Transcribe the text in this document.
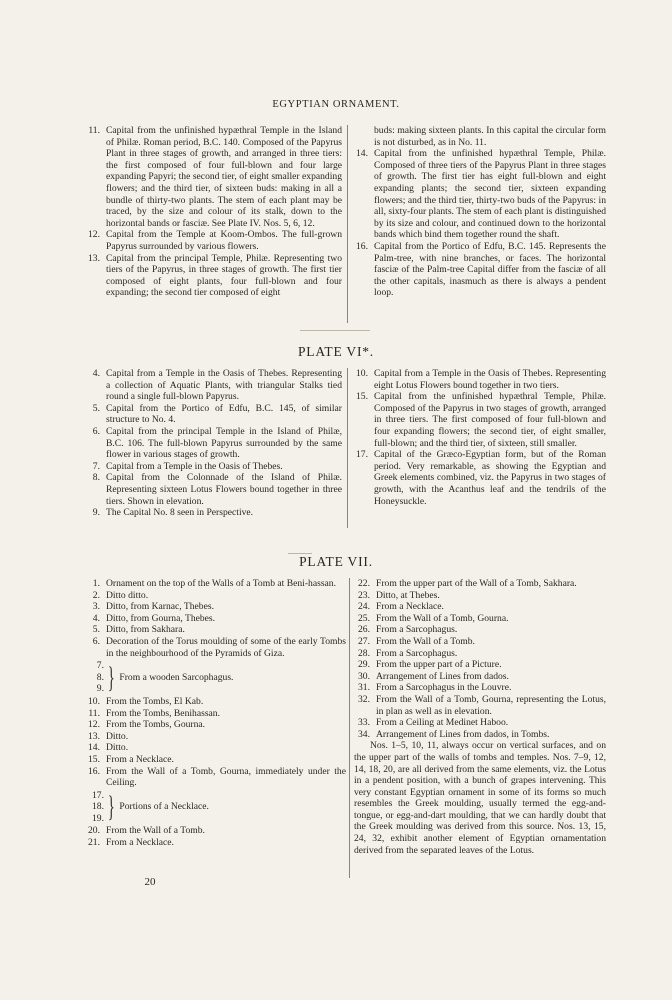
EGYPTIAN ORNAMENT.
11. Capital from the unfinished hypæthral Temple in the Island of Philæ. Roman period, B.C. 140. Composed of the Papyrus Plant in three stages of growth, and arranged in three tiers: the first composed of four full-blown and four large expanding Papyri; the second tier, of eight smaller expanding flowers; and the third tier, of sixteen buds: making in all a bundle of thirty-two plants. The stem of each plant may be traced, by the size and colour of its stalk, down to the horizontal bands or fasciæ. See Plate IV. Nos. 5, 6, 12.
12. Capital from the Temple at Koom-Ombos. The full-grown Papyrus surrounded by various flowers.
13. Capital from the principal Temple, Philæ. Representing two tiers of the Papyrus, in three stages of growth. The first tier composed of eight plants, four full-blown and four expanding; the second tier composed of eight
buds: making sixteen plants. In this capital the circular form is not disturbed, as in No. 11.
14. Capital from the unfinished hypæthral Temple, Philæ. Composed of three tiers of the Papyrus Plant in three stages of growth. The first tier has eight full-blown and eight expanding plants; the second tier, sixteen expanding flowers; and the third tier, thirty-two buds of the Papyrus: in all, sixty-four plants. The stem of each plant is distinguished by its size and colour, and continued down to the horizontal bands which bind them together round the shaft.
16. Capital from the Portico of Edfu, B.C. 145. Represents the Palm-tree, with nine branches, or faces. The horizontal fasciæ of the Palm-tree Capital differ from the fasciæ of all the other capitals, inasmuch as there is always a pendent loop.
PLATE VI*.
4. Capital from a Temple in the Oasis of Thebes. Representing a collection of Aquatic Plants, with triangular Stalks tied round a single full-blown Papyrus.
5. Capital from the Portico of Edfu, B.C. 145, of similar structure to No. 4.
6. Capital from the principal Temple in the Island of Philæ, B.C. 106. The full-blown Papyrus surrounded by the same flower in various stages of growth.
7. Capital from a Temple in the Oasis of Thebes.
8. Capital from the Colonnade of the Island of Philæ. Representing sixteen Lotus Flowers bound together in three tiers. Shown in elevation.
9. The Capital No. 8 seen in Perspective.
10. Capital from a Temple in the Oasis of Thebes. Representing eight Lotus Flowers bound together in two tiers.
15. Capital from the unfinished hypæthral Temple, Philæ. Composed of the Papyrus in two stages of growth, arranged in three tiers. The first composed of four full-blown and four expanding flowers; the second tier, of eight smaller, full-blown; and the third tier, of sixteen, still smaller.
17. Capital of the Græco-Egyptian form, but of the Roman period. Very remarkable, as showing the Egyptian and Greek elements combined, viz. the Papyrus in two stages of growth, with the Acanthus leaf and the tendrils of the Honeysuckle.
PLATE VII.
1. Ornament on the top of the Walls of a Tomb at Beni-hassan.
2. Ditto ditto.
3. Ditto, from Karnac, Thebes.
4. Ditto, from Gourna, Thebes.
5. Ditto, from Sakhara.
6. Decoration of the Torus moulding of some of the early Tombs in the neighbourhood of the Pyramids of Giza.
7.
8.
9. } From a wooden Sarcophagus.
10. From the Tombs, El Kab.
11. From the Tombs, Benihassan.
12. From the Tombs, Gourna.
13. Ditto.
14. Ditto.
15. From a Necklace.
16. From the Wall of a Tomb, Gourna, immediately under the Ceiling.
17.
18.
19. } Portions of a Necklace.
20. From the Wall of a Tomb.
21. From a Necklace.
22. From the upper part of the Wall of a Tomb, Sakhara.
23. Ditto, at Thebes.
24. From a Necklace.
25. From the Wall of a Tomb, Gourna.
26. From a Sarcophagus.
27. From the Wall of a Tomb.
28. From a Sarcophagus.
29. From the upper part of a Picture.
30. Arrangement of Lines from dados.
31. From a Sarcophagus in the Louvre.
32. From the Wall of a Tomb, Gourna, representing the Lotus, in plan as well as in elevation.
33. From a Ceiling at Medinet Haboo.
34. Arrangement of Lines from dados, in Tombs.
Nos. 1–5, 10, 11, always occur on vertical surfaces, and on the upper part of the walls of tombs and temples. Nos. 7–9, 12, 14, 18, 20, are all derived from the same elements, viz. the Lotus in a pendent position, with a bunch of grapes intervening. This very constant Egyptian ornament in some of its forms so much resembles the Greek moulding, usually termed the egg-and-tongue, or egg-and-dart moulding, that we can hardly doubt that the Greek moulding was derived from this source. Nos. 13, 15, 24, 32, exhibit another element of Egyptian ornamentation derived from the separated leaves of the Lotus.
20
